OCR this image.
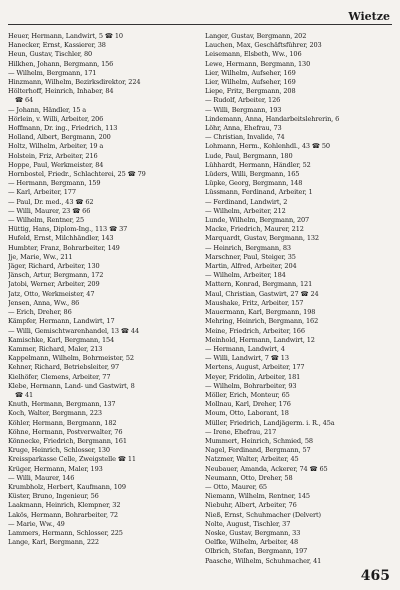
Wietze
Heuer, Hermann, Landwirt, 5 ☎ 10
Hanecker, Ernst, Kassierer, 38
Heun, Gustav, Tischler, 80
Hilkhen, Johann, Bergmann, 156
— Wilhelm, Bergmann, 171
Hinzmann, Wilhelm, Bezirksdirektor, 224
Hölterhoff, Heinrich, Inhaber, 84
☎ 64
— Johann, Händler, 15 a
Hörlein, v. Willi, Arbeiter, 206
Hoffmann, Dr. ing., Friedrich, 113
Holland, Albert, Bergmann, 200
Holtz, Wilhelm, Arbeiter, 19 a
Holstein, Friz, Arbeiter, 216
Hoppe, Paul, Werkmeister, 84
Hornbostel, Friedr., Schlachterei, 25 ☎ 79
— Hermann, Bergmann, 159
— Karl, Arbeiter, 177
— Paul, Dr. med., 43 ☎ 62
— Willi, Maurer, 23 ☎ 66
— Wilhelm, Rentner, 25
Hüttig, Hans, Diplom-Ing., 113 ☎ 37
Hufeld, Ernst, Milchhändler, 143
Humbter, Franz, Bohrarbeiter, 149
Jje, Marie, Ww., 211
Jäger, Richard, Arbeiter, 130
Jänsch, Artur, Bergmann, 172
Jatobi, Werner, Arbeiter, 209
Jatz, Otto, Werkmeister, 47
Jensen, Anna, Ww., 86
— Erich, Dreher, 86
Kämpfer, Hermann, Landwirt, 17
— Willi, Gemischtwarenhandel, 13 ☎ 44
Kamischke, Karl, Bergmann, 154
Kammer, Richard, Maler, 213
Kappelmann, Wilhelm, Bohrmeister, 52
Kehner, Richard, Betriebsleiter, 97
Kielhöfer, Clemens, Arbeiter, 77
Klebe, Hermann, Land- und Gastwirt, 8
☎ 41
Knuth, Hermann, Bergmann, 137
Koch, Walter, Bergmann, 223
Köhler, Hermann, Bergmann, 182
Köhne, Hermann, Postverwalter, 76
Könnecke, Friedrich, Bergmann, 161
Kruge, Heinrich, Schlosser, 130
Kreissparkasse Celle, Zweigstelle ☎ 11
Krüger, Hermann, Maler, 193
— Willi, Maurer, 146
Krumbholz, Herbert, Kaufmann, 109
Küster, Bruno, Ingenieur, 56
Laakmann, Heinrich, Klempner, 32
Lakös, Hermann, Bohrarbeiter, 72
— Marie, Ww., 49
Lammers, Hermann, Schlosser, 225
Lange, Karl, Bergmann, 222
Langer, Gustav, Bergmann, 202
Lauchen, Max, Geschäftsführer, 203
Leisemann, Elsbeth, Ww., 106
Lewe, Hermann, Bergmann, 130
Lier, Wilhelm, Aufseher, 169
Lier, Wilhelm, Aufseher, 169
Liepe, Fritz, Bergmann, 208
— Rudolf, Arbeiter, 126
— Willi, Bergmann, 193
Lindemann, Anna, Handarbeitslehrerin, 6
Löhr, Anna, Ehefrau, 73
— Christian, Invalide, 74
Lohmann, Herm., Kohlenhdl., 43 ☎ 50
Lude, Paul, Bergmann, 180
Lühhardt, Hermann, Händler, 52
Lüders, Willi, Bergmann, 165
Lüpke, Georg, Bergmann, 148
Lüssmann, Ferdinand, Arbeiter, 1
— Ferdinand, Landwirt, 2
— Wilhelm, Arbeiter, 212
Lunde, Wilhelm, Bergmann, 207
Macke, Friedrich, Maurer, 212
Marquardt, Gustav, Bergmann, 132
— Heinrich, Bergmann, 83
Marschner, Paul, Steiger, 35
Martin, Alfred, Arbeiter, 204
— Wilhelm, Arbeiter, 184
Mattern, Konrad, Bergmann, 121
Maul, Christian, Gastwirt, 27 ☎ 24
Maushake, Fritz, Arbeiter, 157
Mauermann, Karl, Bergmann, 198
Mehring, Heinrich, Bergmann, 162
Meine, Friedrich, Arbeiter, 166
Meinhold, Hermann, Landwirt, 12
— Hermann, Landwirt, 4
— Willi, Landwirt, 7 ☎ 13
Mertens, August, Arbeiter, 177
Meyer, Fridolin, Arbeiter, 181
— Wilhelm, Bohrarbeiter, 93
Möller, Erich, Monteur, 65
Mollnau, Karl, Dreher, 176
Moum, Otto, Laborant, 18
Müller, Friedrich, Landjägerm. i. R., 45a
— Irene, Ehefrau, 217
Mummert, Heinrich, Schmied, 58
Nagel, Ferdinand, Bergmann, 57
Natzmer, Walter, Arbeiter, 45
Neubauer, Amanda, Ackerer, 74 ☎ 65
Neumann, Otto, Dreher, 58
— Otto, Maurer, 65
Niemann, Wilhelm, Rentner, 145
Niebuhr, Albert, Arbeiter, 76
Nieß, Ernst, Schuhmacher (Delvert)
Nolte, August, Tischler, 37
Noske, Gustav, Bergmann, 33
Oelfke, Wilhelm, Arbeiter, 48
Olbrich, Stefan, Bergmann, 197
Paasche, Wilhelm, Schuhmacher, 41
465
